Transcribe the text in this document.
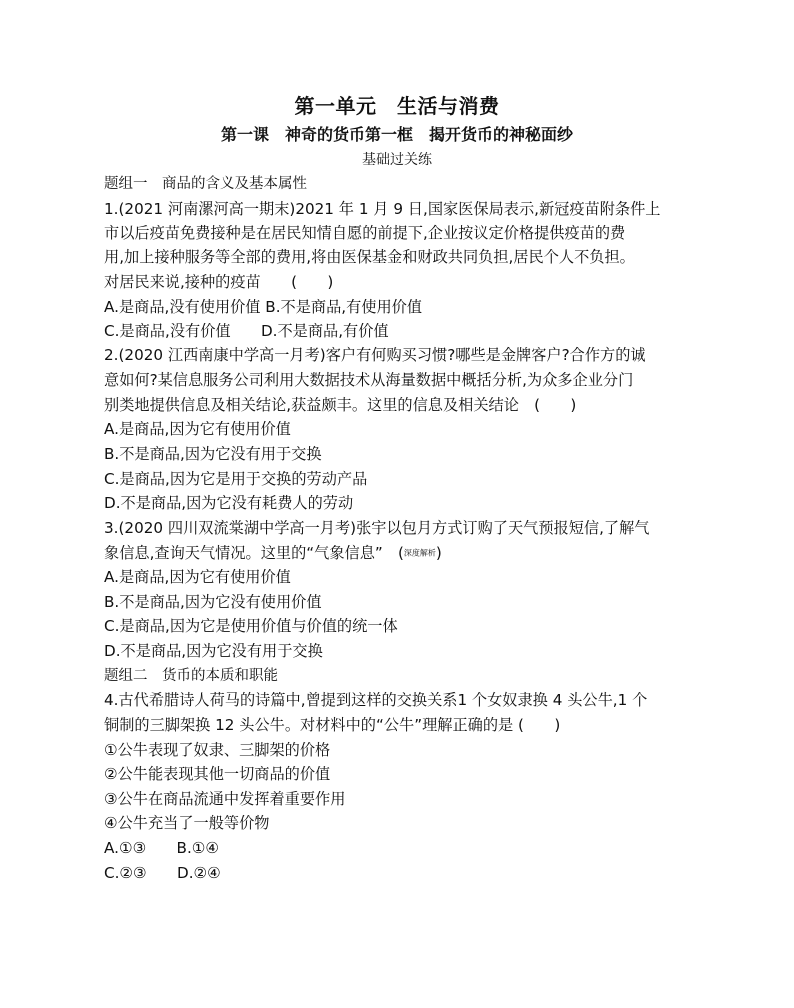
第一单元　生活与消费
第一课　神奇的货币第一框　揭开货币的神秘面纱
基础过关练
题组一　商品的含义及基本属性
1.(2021 河南漯河高一期末)2021 年 1 月 9 日,国家医保局表示,新冠疫苗附条件上
市以后疫苗免费接种是在居民知情自愿的前提下,企业按议定价格提供疫苗的费
用,加上接种服务等全部的费用,将由医保基金和财政共同负担,居民个人不负担。
对居民来说,接种的疫苗　　(　　)
A.是商品,没有使用价值 B.不是商品,有使用价值
C.是商品,没有价值　　D.不是商品,有价值
2.(2020 江西南康中学高一月考)客户有何购买习惯?哪些是金牌客户?合作方的诚
意如何?某信息服务公司利用大数据技术从海量数据中概括分析,为众多企业分门
别类地提供信息及相关结论,获益颇丰。这里的信息及相关结论　(　　)
A.是商品,因为它有使用价值
B.不是商品,因为它没有用于交换
C.是商品,因为它是用于交换的劳动产品
D.不是商品,因为它没有耗费人的劳动
3.(2020 四川双流棠湖中学高一月考)张宇以包月方式订购了天气预报短信,了解气
象信息,查询天气情况。这里的“气象信息”　(深度解析)
A.是商品,因为它有使用价值
B.不是商品,因为它没有使用价值
C.是商品,因为它是使用价值与价值的统一体
D.不是商品,因为它没有用于交换
题组二　货币的本质和职能
4.古代希腊诗人荷马的诗篇中,曾提到这样的交换关系1 个女奴隶换 4 头公牛,1 个
铜制的三脚架换 12 头公牛。对材料中的“公牛”理解正确的是 (　　)
①公牛表现了奴隶、三脚架的价格
②公牛能表现其他一切商品的价值
③公牛在商品流通中发挥着重要作用
④公牛充当了一般等价物
A.①③　　B.①④
C.②③　　D.②④
